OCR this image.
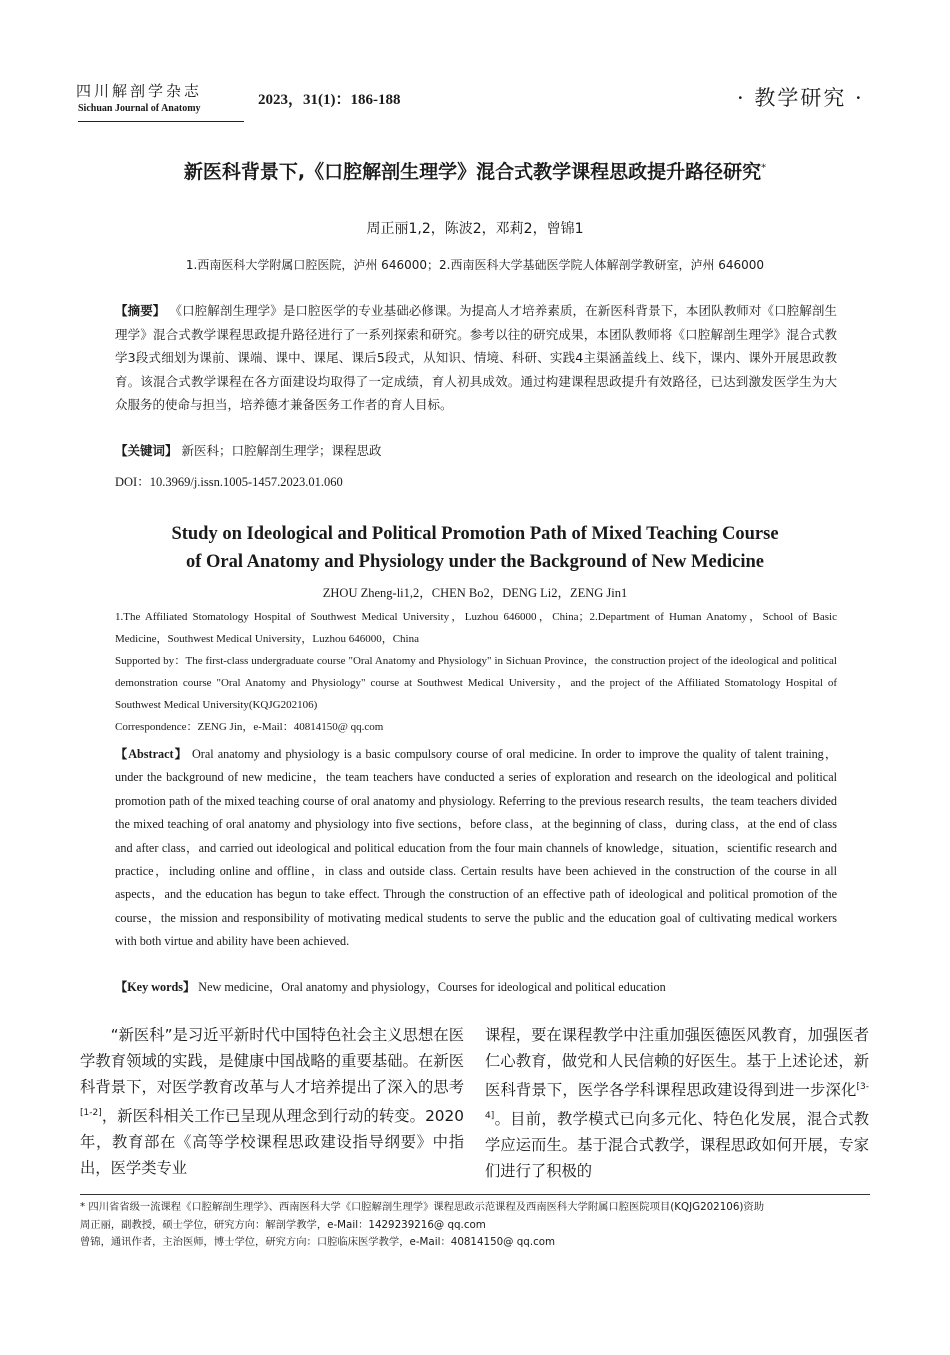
四川解剖学杂志
Sichuan Journal of Anatomy
2023，31(1)：186-188	· 教学研究 ·
新医科背景下,《口腔解剖生理学》混合式教学课程思政提升路径研究*
周正丽1,2，陈波2，邓莉2，曾锦1
1.西南医科大学附属口腔医院，泸州 646000；2.西南医科大学基础医学院人体解剖学教研室，泸州 646000
【摘要】 《口腔解剖生理学》是口腔医学的专业基础必修课。为提高人才培养素质，在新医科背景下，本团队教师对《口腔解剖生理学》混合式教学课程思政提升路径进行了一系列探索和研究。参考以往的研究成果，本团队教师将《口腔解剖生理学》混合式教学3段式细划为课前、课端、课中、课尾、课后5段式，从知识、情境、科研、实践4主渠涵盖线上、线下，课内、课外开展思政教育。该混合式教学课程在各方面建设均取得了一定成绩，育人初具成效。通过构建课程思政提升有效路径，已达到激发医学生为大众服务的使命与担当，培养德才兼备医务工作者的育人目标。
【关键词】 新医科；口腔解剖生理学；课程思政
DOI：10.3969/j.issn.1005-1457.2023.01.060
Study on Ideological and Political Promotion Path of Mixed Teaching Course
of Oral Anatomy and Physiology under the Background of New Medicine
ZHOU Zheng-li1,2，CHEN Bo2，DENG Li2，ZENG Jin1
1.The Affiliated Stomatology Hospital of Southwest Medical University，Luzhou 646000，China；2.Department of Human Anatomy，School of Basic Medicine，Southwest Medical University，Luzhou 646000，China
Supported by：The first-class undergraduate course "Oral Anatomy and Physiology" in Sichuan Province，the construction project of the ideological and political demonstration course "Oral Anatomy and Physiology" course at Southwest Medical University，and the project of the Affiliated Stomatology Hospital of Southwest Medical University(KQJG202106)
Correspondence：ZENG Jin，e-Mail：40814150@ qq.com
【Abstract】 Oral anatomy and physiology is a basic compulsory course of oral medicine. In order to improve the quality of talent training，under the background of new medicine，the team teachers have conducted a series of exploration and research on the ideological and political promotion path of the mixed teaching course of oral anatomy and physiology. Referring to the previous research results，the team teachers divided the mixed teaching of oral anatomy and physiology into five sections，before class，at the beginning of class，during class，at the end of class and after class，and carried out ideological and political education from the four main channels of knowledge，situation，scientific research and practice，including online and offline，in class and outside class. Certain results have been achieved in the construction of the course in all aspects，and the education has begun to take effect. Through the construction of an effective path of ideological and political promotion of the course，the mission and responsibility of motivating medical students to serve the public and the education goal of cultivating medical workers with both virtue and ability have been achieved.
【Key words】 New medicine，Oral anatomy and physiology，Courses for ideological and political education
“新医科”是习近平新时代中国特色社会主义思想在医学教育领域的实践，是健康中国战略的重要基础。在新医科背景下，对医学教育改革与人才培养提出了深入的思考[1-2]，新医科相关工作已呈现从理念到行动的转变。2020年，教育部在《高等学校课程思政建设指导纲要》中指出，医学类专业
课程，要在课程教学中注重加强医德医风教育，加强医者仁心教育，做党和人民信赖的好医生。基于上述论述，新医科背景下，医学各学科课程思政建设得到进一步深化[3-4]。目前，教学模式已向多元化、特色化发展，混合式教学应运而生。基于混合式教学，课程思政如何开展，专家们进行了积极的
* 四川省省级一流课程《口腔解剖生理学》、西南医科大学《口腔解剖生理学》课程思政示范课程及西南医科大学附属口腔医院项目(KQJG202106)资助
周正丽，副教授，硕士学位，研究方向：解剖学教学，e-Mail：1429239216@ qq.com
曾锦，通讯作者，主治医师，博士学位，研究方向：口腔临床医学教学，e-Mail：40814150@ qq.com
